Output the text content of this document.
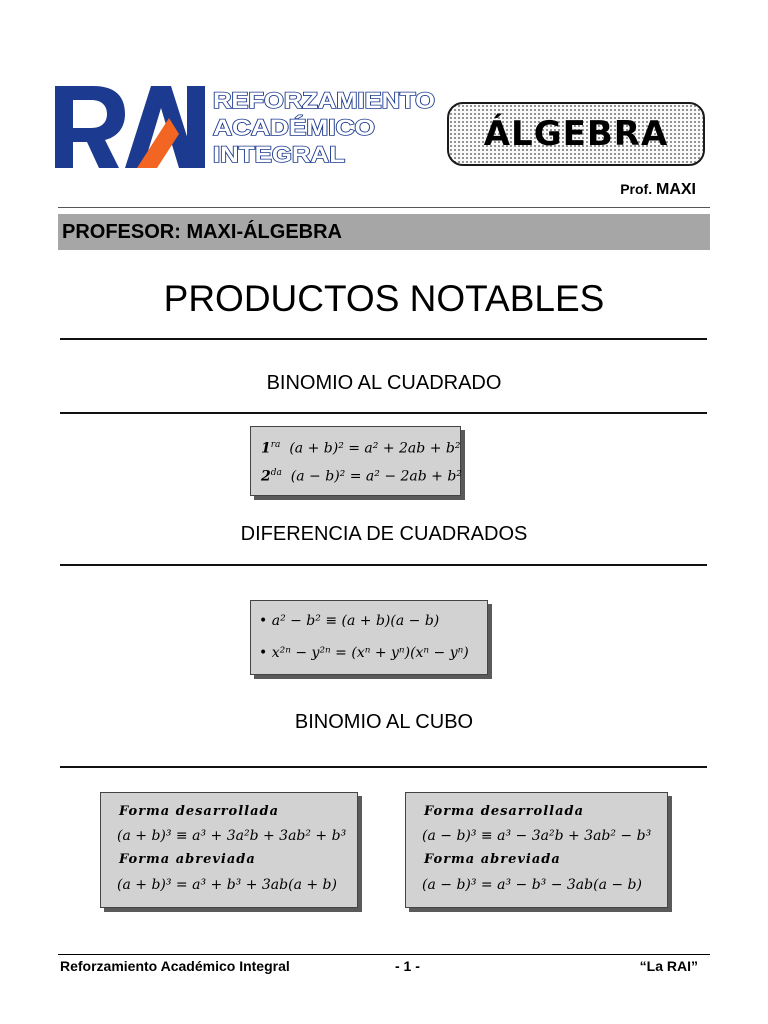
REFORZAMIENTO
ACADÉMICO
INTEGRAL
ÁLGEBRA
Prof. MAXI
PROFESOR: MAXI-ÁLGEBRA
PRODUCTOS NOTABLES
BINOMIO AL CUADRADO
$1^{ra}$ (a + b)² = a² + 2ab + b²
$2^{da}$ (a − b)² = a² − 2ab + b²
DIFERENCIA DE CUADRADOS
• a² − b² ≡ (a + b)(a − b)
• x²ⁿ − y²ⁿ = (xⁿ + yⁿ)(xⁿ − yⁿ)
BINOMIO AL CUBO
Forma desarrollada
(a + b)³ ≡ a³ + 3a²b + 3ab² + b³
Forma abreviada
(a + b)³ = a³ + b³ + 3ab(a + b)
Forma desarrollada
(a − b)³ ≡ a³ − 3a²b + 3ab² − b³
Forma abreviada
(a − b)³ = a³ − b³ − 3ab(a − b)
Reforzamiento Académico Integral	- 1 -	“La RAI”
